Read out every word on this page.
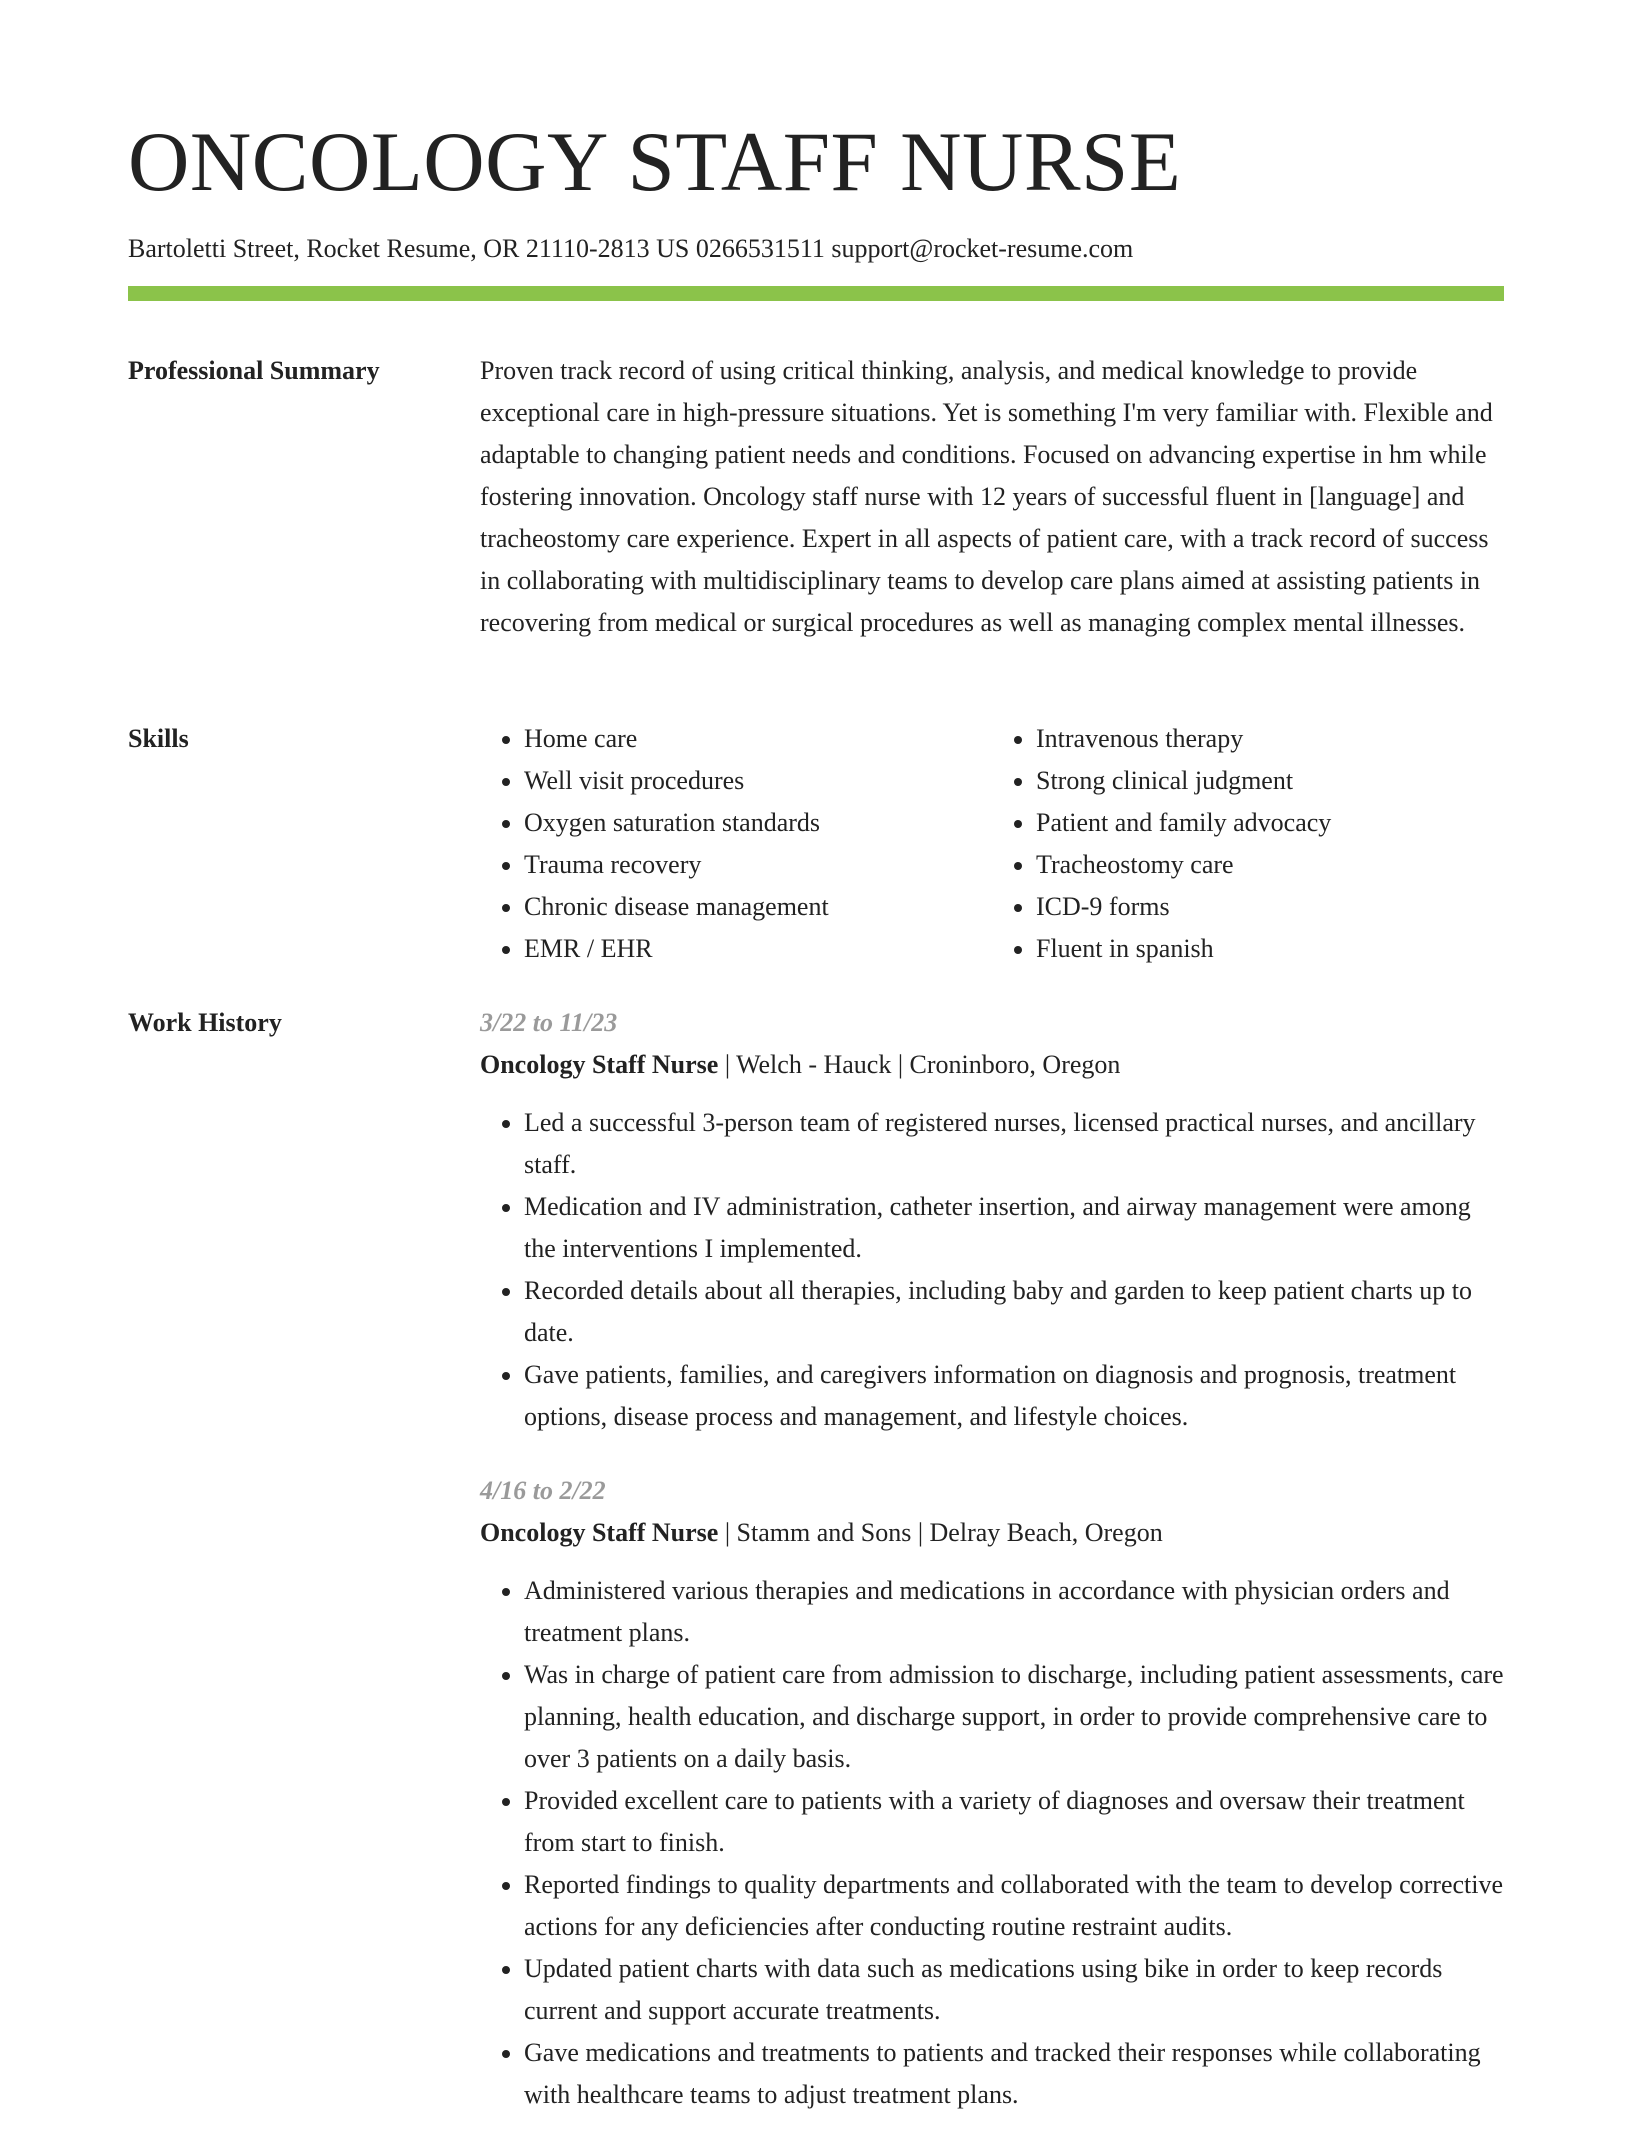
ONCOLOGY STAFF NURSE
Bartoletti Street, Rocket Resume, OR 21110-2813 US 0266531511 support@rocket-resume.com
Professional Summary	Proven track record of using critical thinking, analysis, and medical knowledge to provide exceptional care in high-pressure situations. Yet is something I'm very familiar with. Flexible and adaptable to changing patient needs and conditions. Focused on advancing expertise in hm while fostering innovation. Oncology staff nurse with 12 years of successful fluent in [language] and tracheostomy care experience. Expert in all aspects of patient care, with a track record of success in collaborating with multidisciplinary teams to develop care plans aimed at assisting patients in recovering from medical or surgical procedures as well as managing complex mental illnesses.

Skills
•	Home care
• Well visit procedures
• Oxygen saturation standards
• Trauma recovery
• Chronic disease management
• EMR / EHR
• Intravenous therapy
• Strong clinical judgment
• Patient and family advocacy
• Tracheostomy care
• ICD-9 forms
• Fluent in spanish
Work History	3/22 to 11/23
Oncology Staff Nurse | Welch - Hauck | Croninboro, Oregon
• Led a successful 3-person team of registered nurses, licensed practical nurses, and ancillary staff.
• Medication and IV administration, catheter insertion, and airway management were among the interventions I implemented.
• Recorded details about all therapies, including baby and garden to keep patient charts up to date.
• Gave patients, families, and caregivers information on diagnosis and prognosis, treatment options, disease process and management, and lifestyle choices.
4/16 to 2/22
Oncology Staff Nurse | Stamm and Sons | Delray Beach, Oregon
• Administered various therapies and medications in accordance with physician orders and treatment plans.
• Was in charge of patient care from admission to discharge, including patient assessments, care planning, health education, and discharge support, in order to provide comprehensive care to over 3 patients on a daily basis.
• Provided excellent care to patients with a variety of diagnoses and oversaw their treatment from start to finish.
• Reported findings to quality departments and collaborated with the team to develop corrective actions for any deficiencies after conducting routine restraint audits.
• Updated patient charts with data such as medications using bike in order to keep records current and support accurate treatments.
• Gave medications and treatments to patients and tracked their responses while collaborating with healthcare teams to adjust treatment plans.
